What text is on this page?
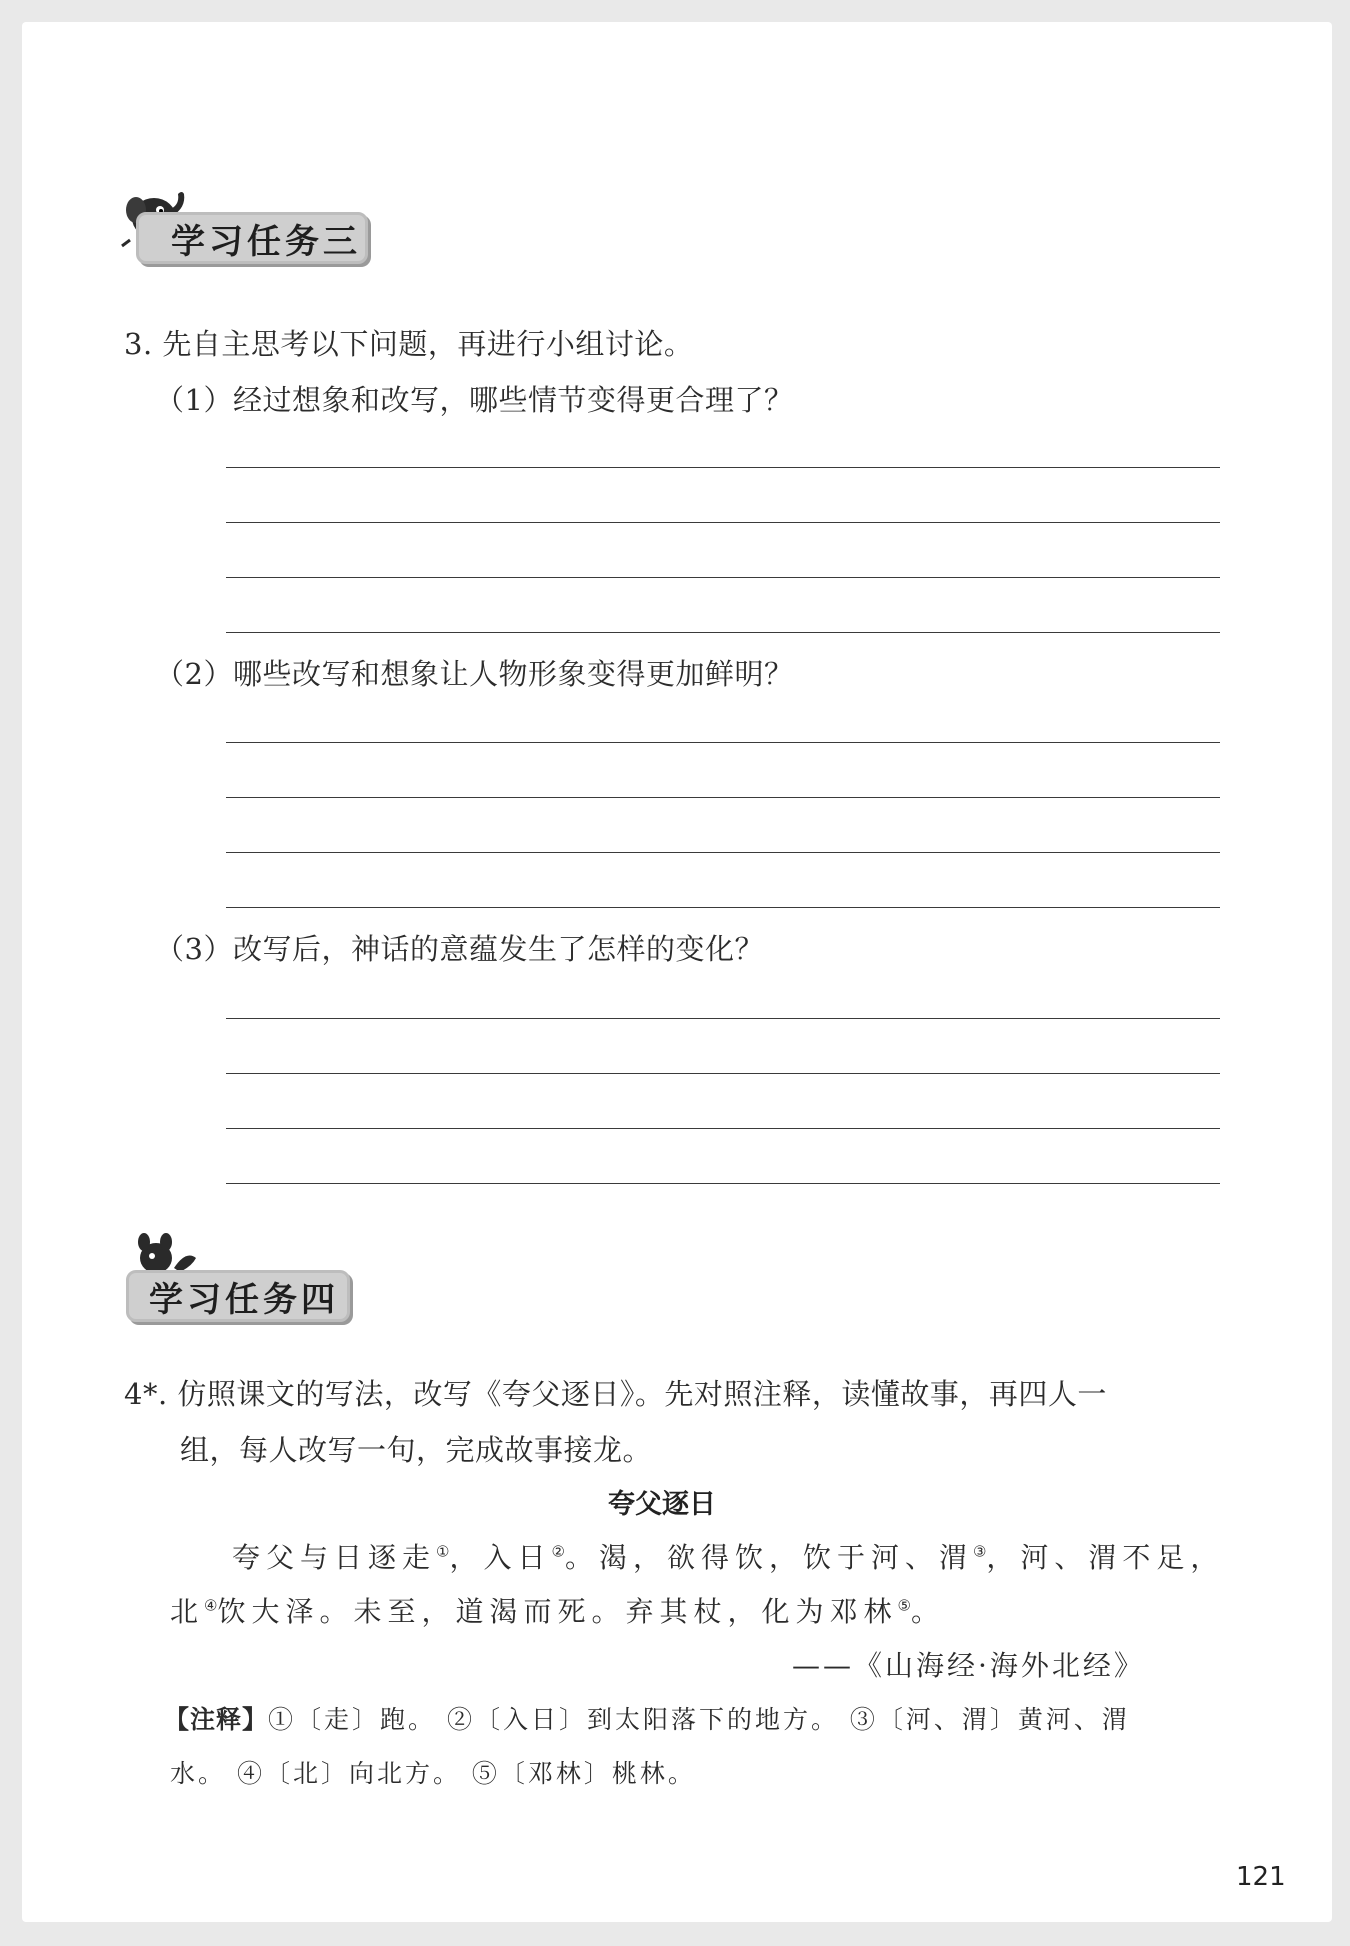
学习任务三
3. 先自主思考以下问题，再进行小组讨论。
（1）经过想象和改写，哪些情节变得更合理了？
（2）哪些改写和想象让人物形象变得更加鲜明？
（3）改写后，神话的意蕴发生了怎样的变化？
学习任务四
4*. 仿照课文的写法，改写《夸父逐日》。先对照注释，读懂故事，再四人一
组，每人改写一句，完成故事接龙。
夸父逐日
夸父与日逐走①，入日②。渴，欲得饮，饮于河、渭③，河、渭不足，
北④饮大泽。未至，道渴而死。弃其杖，化为邓林⑤。
——《山海经·海外北经》
【注释】①〔走〕跑。 ②〔入日〕到太阳落下的地方。 ③〔河、渭〕黄河、渭
水。 ④〔北〕向北方。 ⑤〔邓林〕桃林。
121
